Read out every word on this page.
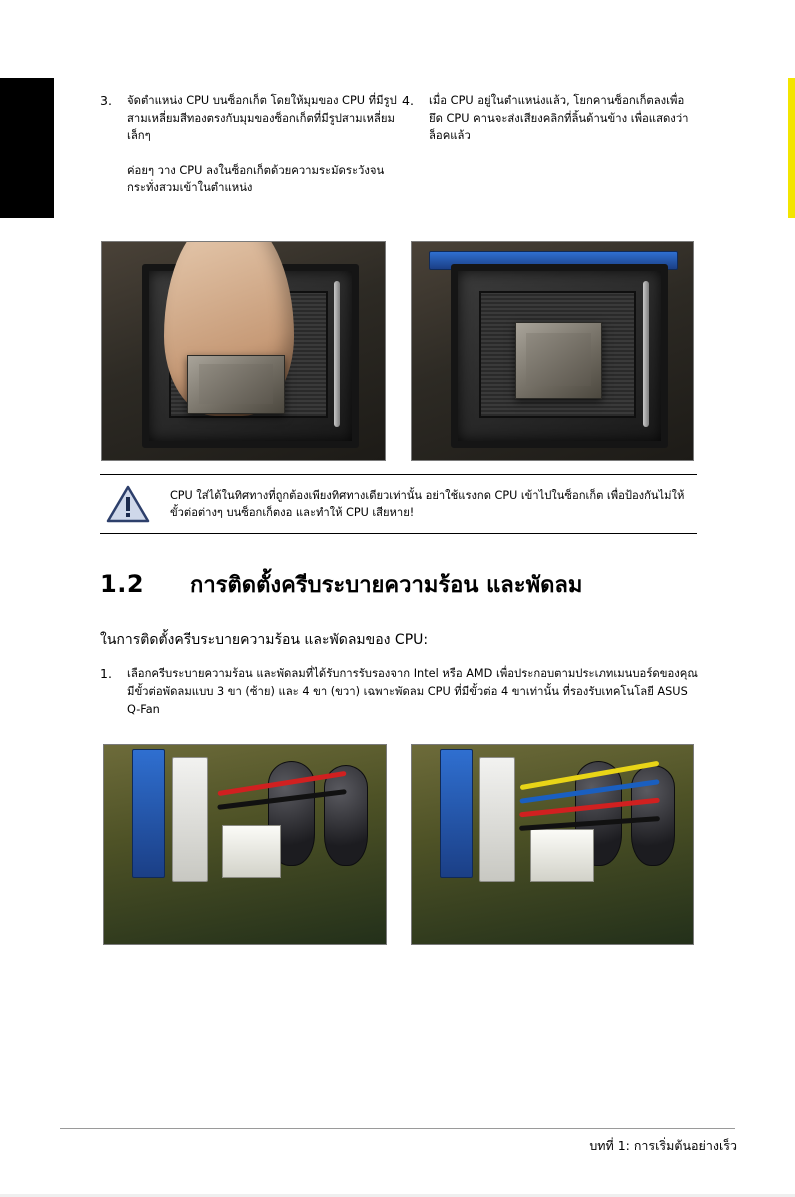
3.	จัดตำแหน่ง CPU บนซ็อกเก็ต โดยให้มุมของ CPU ที่มีรูปสามเหลี่ยมสีทองตรงกับมุมของซ็อกเก็ตที่มีรูปสามเหลี่ยมเล็กๆ

ค่อยๆ วาง CPU ลงในซ็อกเก็ตด้วยความระมัดระวังจนกระทั่งสวมเข้าในตำแหน่ง

4.	เมื่อ CPU อยู่ในตำแหน่งแล้ว, โยกคานซ็อกเก็ตลงเพื่อยึด CPU คานจะส่งเสียงคลิกที่ลิ้นด้านข้าง เพื่อแสดงว่าล็อคแล้ว

CPU ใส่ได้ในทิศทางที่ถูกต้องเพียงทิศทางเดียวเท่านั้น อย่าใช้แรงกด CPU เข้าไปในซ็อกเก็ต เพื่อป้องกันไม่ให้ขั้วต่อต่างๆ บนซ็อกเก็ตงอ และทำให้ CPU เสียหาย!
1.2	การติดตั้งครีบระบายความร้อน และพัดลม
ในการติดตั้งครีบระบายความร้อน และพัดลมของ CPU:
1.	เลือกครีบระบายความร้อน และพัดลมที่ได้รับการรับรองจาก Intel หรือ AMD เพื่อประกอบตามประเภทเมนบอร์ดของคุณ มีขั้วต่อพัดลมแบบ 3 ขา (ซ้าย) และ 4 ขา (ขวา) เฉพาะพัดลม CPU ที่มีขั้วต่อ 4 ขาเท่านั้น ที่รองรับเทคโนโลยี ASUS Q-Fan
บทที่ 1: การเริ่มต้นอย่างเร็ว
